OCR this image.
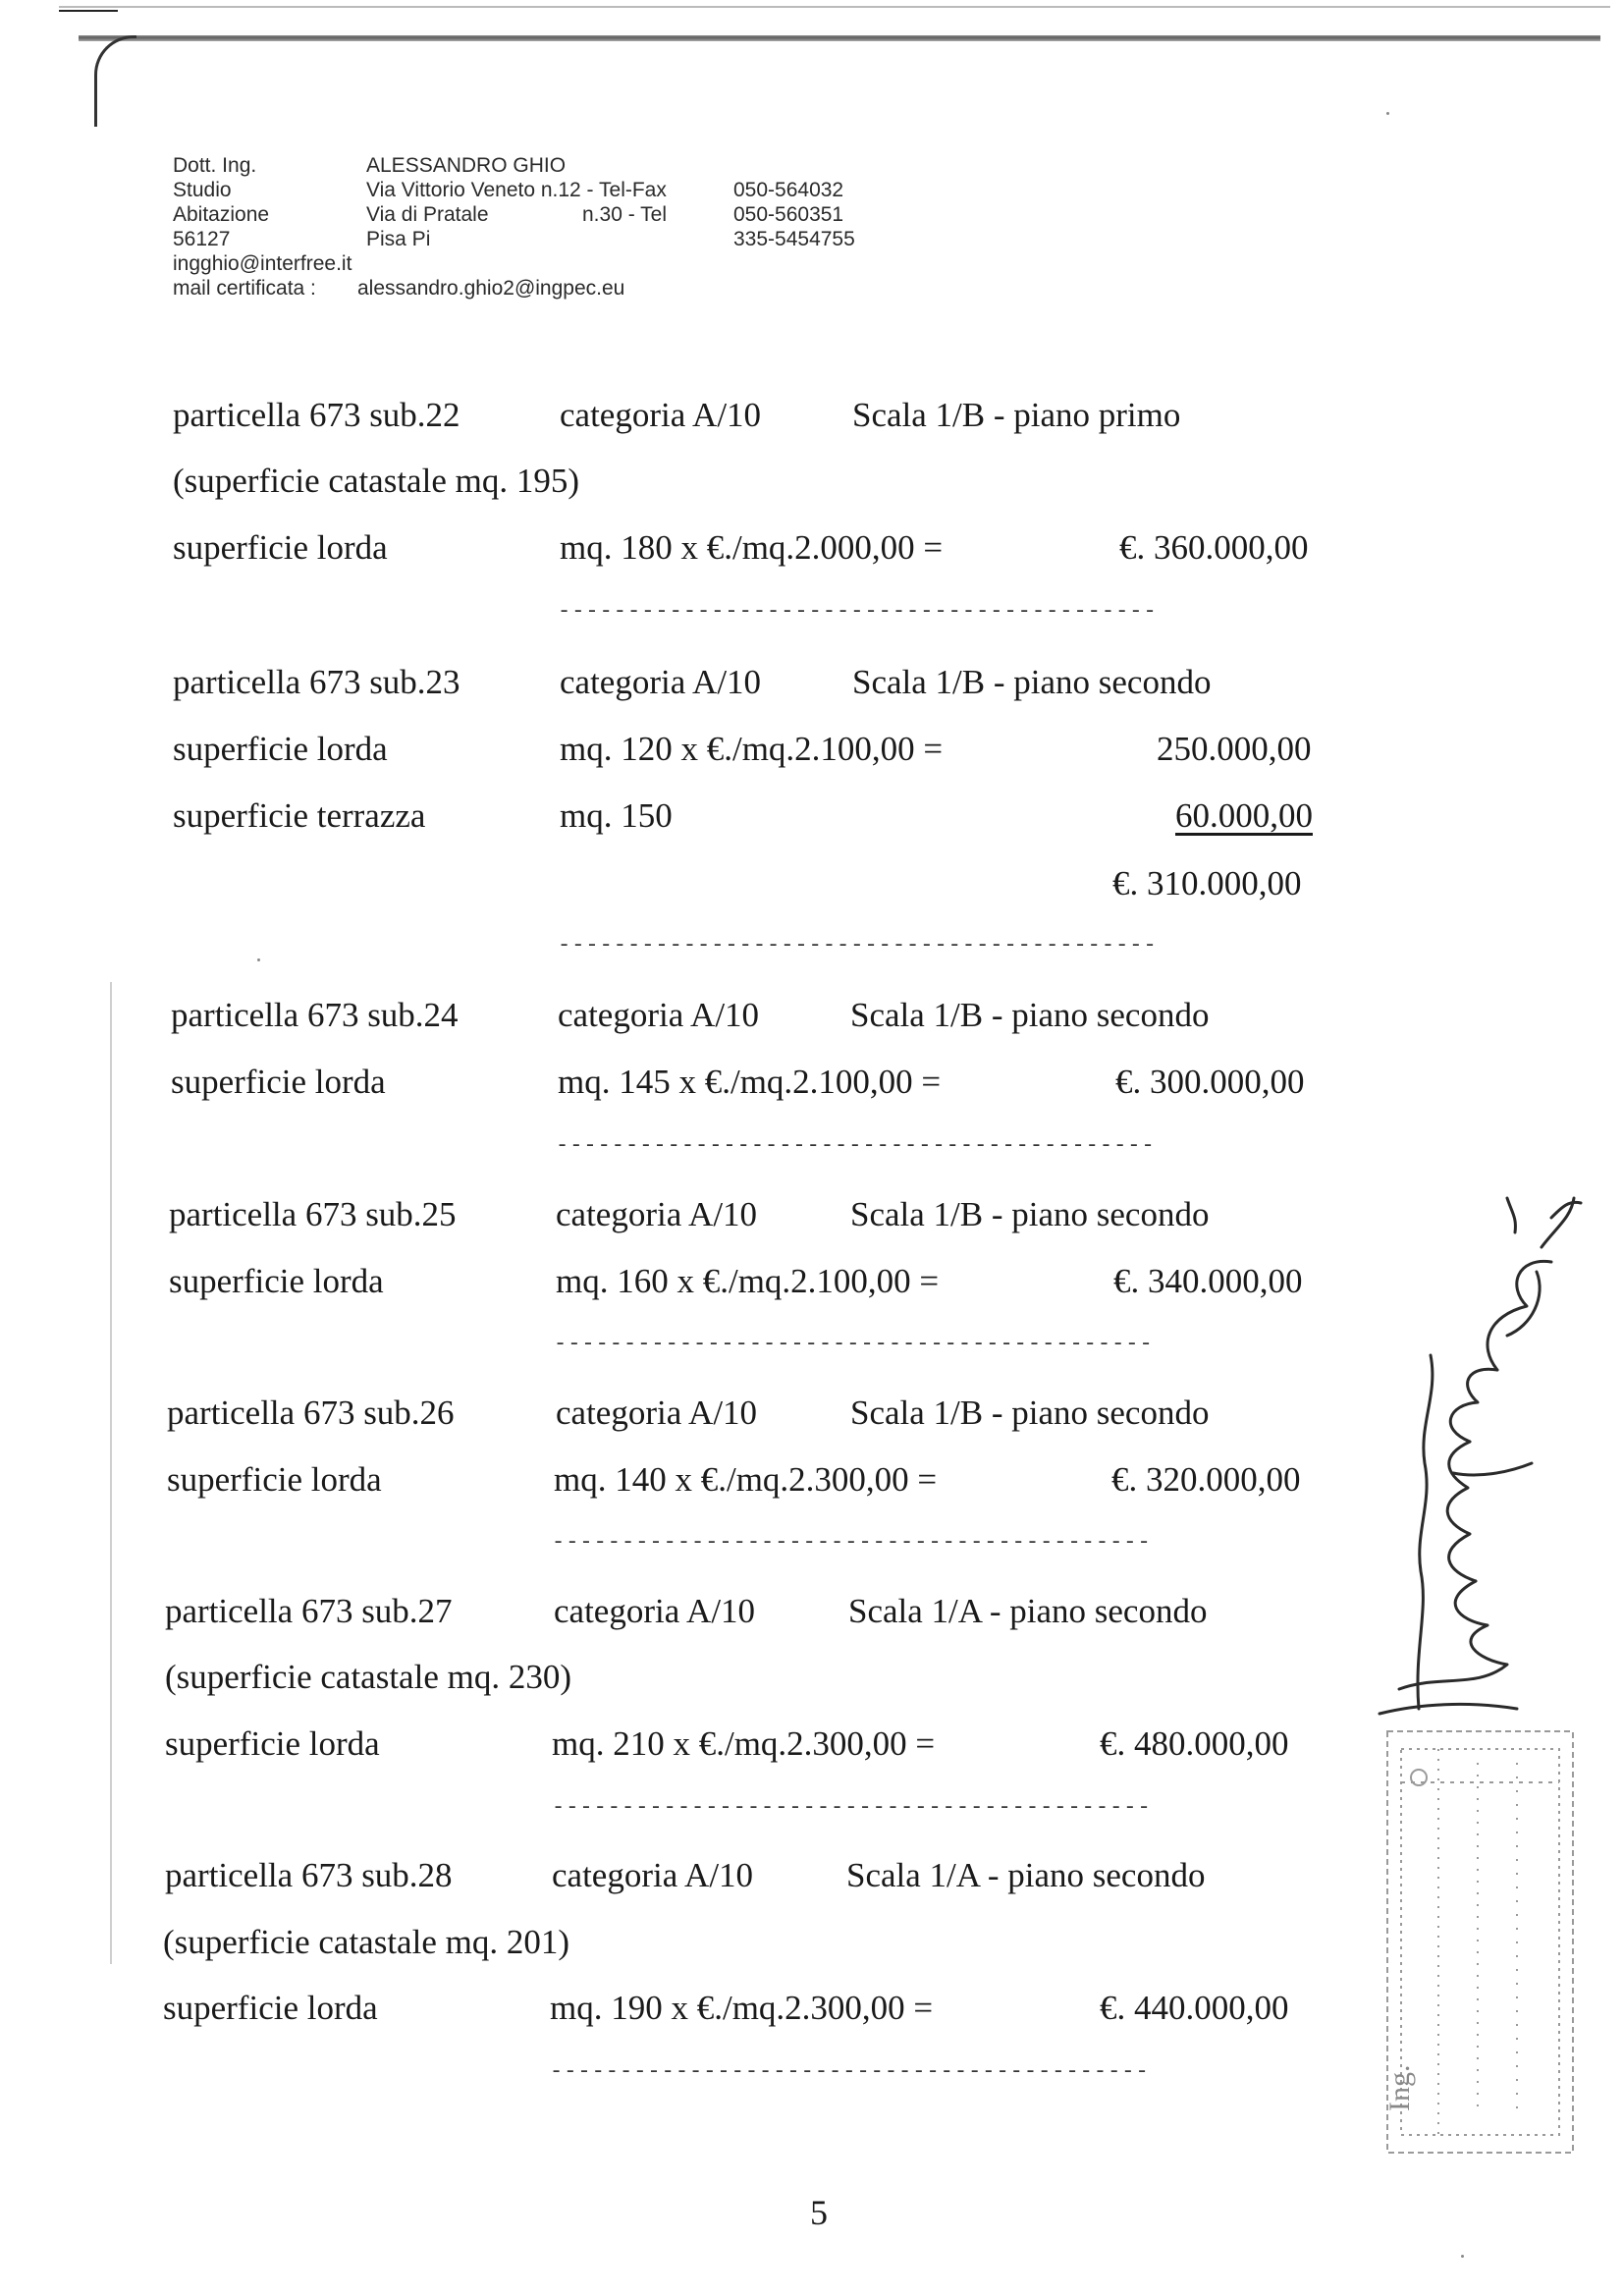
Dott. Ing.	ALESSANDRO GHIO
Studio	Via Vittorio Veneto n.12 - Tel-Fax	050-564032
Abitazione	Via di Pratale	n.30 - Tel	050-560351
56127	Pisa Pi	335-5454755
ingghio@interfree.it
mail certificata : alessandro.ghio2@ingpec.eu
particella 673 sub.22	categoria A/10	Scala 1/B - piano primo
(superficie catastale mq. 195)
superficie lorda	mq. 180 x €./mq.2.000,00 =	€. 360.000,00
-------------------------------------------
particella 673 sub.23	categoria A/10	Scala 1/B - piano secondo
superficie lorda	mq. 120 x €./mq.2.100,00 =	250.000,00
superficie terrazza	mq. 150	60.000,00
€. 310.000,00
-------------------------------------------
particella 673 sub.24	categoria A/10	Scala 1/B - piano secondo
superficie lorda	mq. 145 x €./mq.2.100,00 =	€. 300.000,00
-------------------------------------------
particella 673 sub.25	categoria A/10	Scala 1/B - piano secondo
superficie lorda	mq. 160 x €./mq.2.100,00 =	€. 340.000,00
-------------------------------------------
particella 673 sub.26	categoria A/10	Scala 1/B - piano secondo
superficie lorda	mq. 140 x €./mq.2.300,00 =	€. 320.000,00
-------------------------------------------
particella 673 sub.27	categoria A/10	Scala 1/A - piano secondo
(superficie catastale mq. 230)
superficie lorda	mq. 210 x €./mq.2.300,00 =	€. 480.000,00
-------------------------------------------
particella 673 sub.28	categoria A/10	Scala 1/A - piano secondo
(superficie catastale mq. 201)
superficie lorda	mq. 190 x €./mq.2.300,00 =	€. 440.000,00
-------------------------------------------
5
Ing.
